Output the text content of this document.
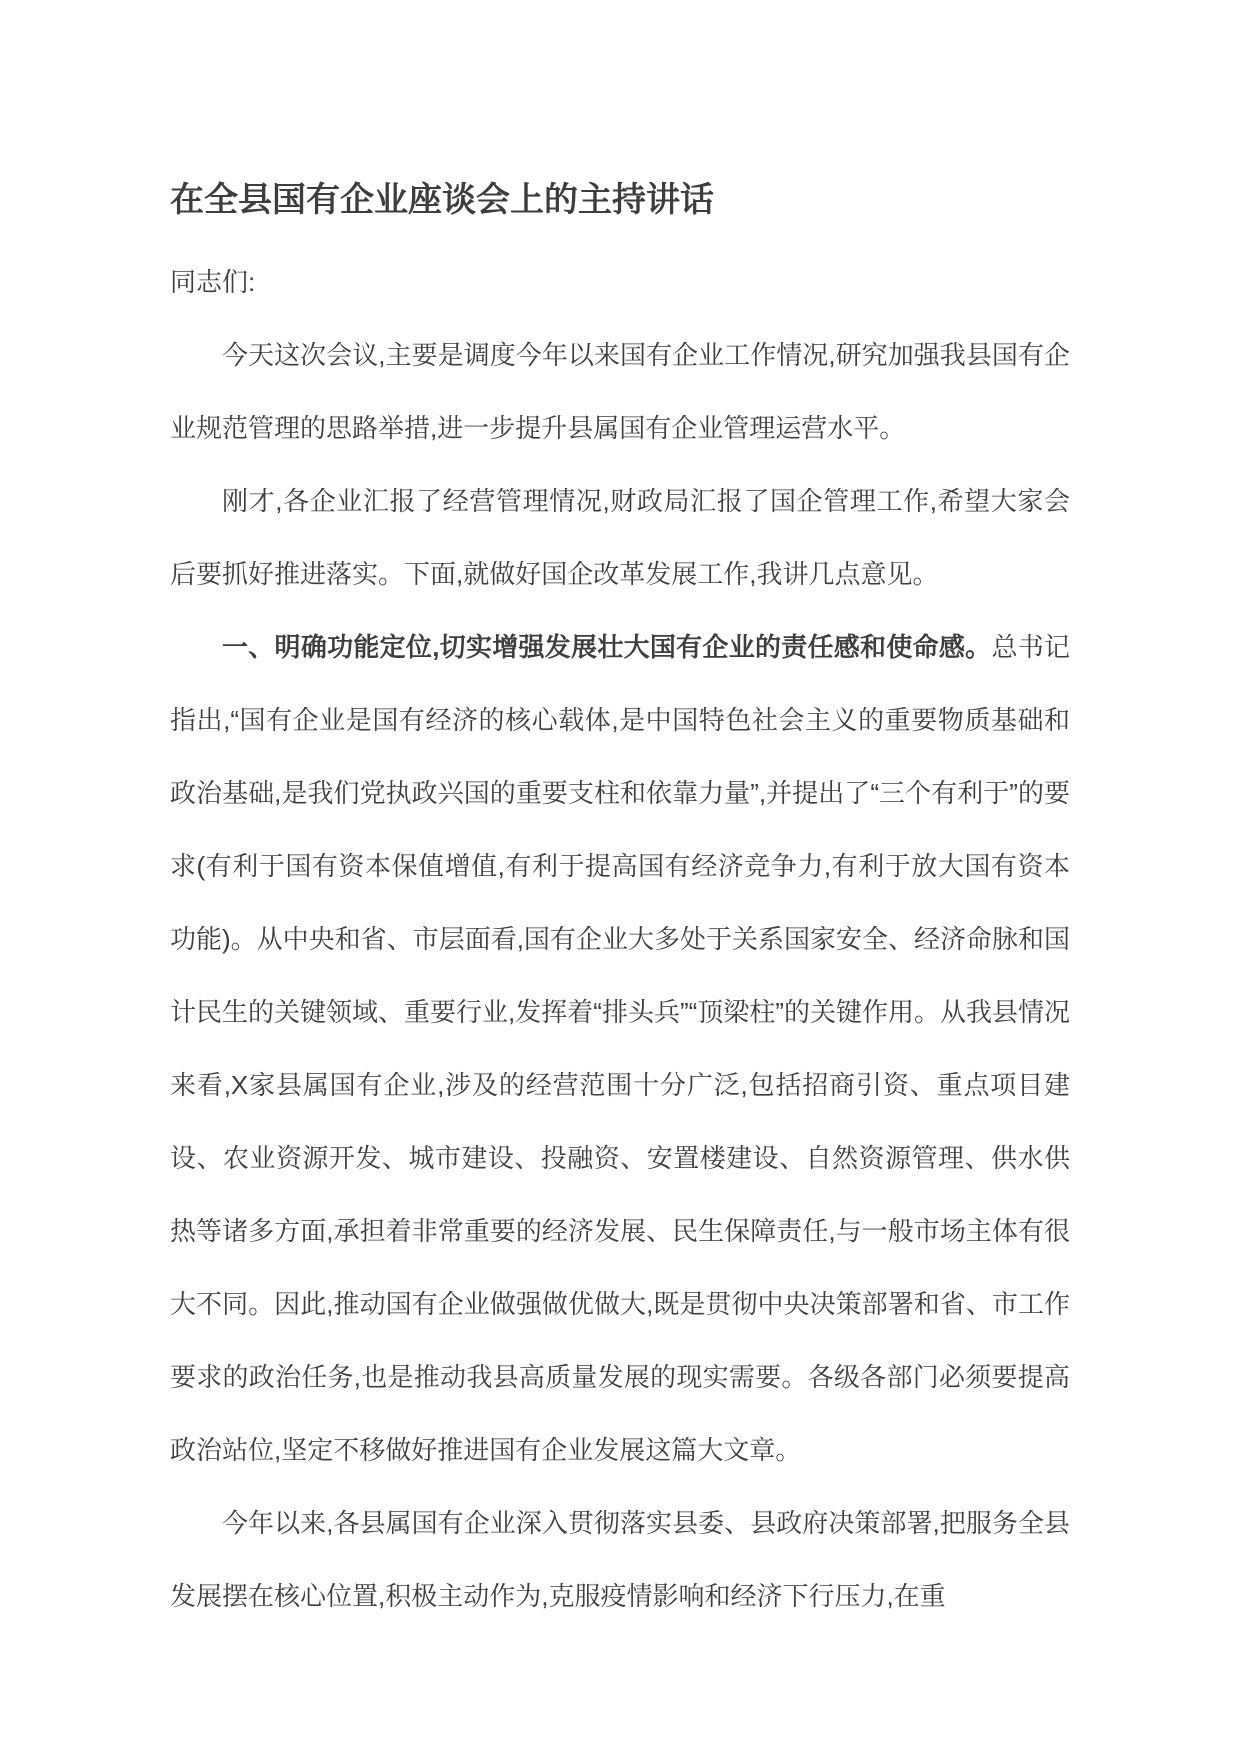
在全县国有企业座谈会上的主持讲话

同志们:

今天这次会议,主要是调度今年以来国有企业工作情况,研究加强我县国有企业规范管理的思路举措,进一步提升县属国有企业管理运营水平。

刚才,各企业汇报了经营管理情况,财政局汇报了国企管理工作,希望大家会后要抓好推进落实。下面,就做好国企改革发展工作,我讲几点意见。

一、明确功能定位,切实增强发展壮大国有企业的责任感和使命感。总书记指出,“国有企业是国有经济的核心载体,是中国特色社会主义的重要物质基础和政治基础,是我们党执政兴国的重要支柱和依靠力量”,并提出了“三个有利于”的要求(有利于国有资本保值增值,有利于提高国有经济竞争力,有利于放大国有资本功能)。从中央和省、市层面看,国有企业大多处于关系国家安全、经济命脉和国计民生的关键领域、重要行业,发挥着“排头兵”“顶梁柱”的关键作用。从我县情况来看,X家县属国有企业,涉及的经营范围十分广泛,包括招商引资、重点项目建设、农业资源开发、城市建设、投融资、安置楼建设、自然资源管理、供水供热等诸多方面,承担着非常重要的经济发展、民生保障责任,与一般市场主体有很大不同。因此,推动国有企业做强做优做大,既是贯彻中央决策部署和省、市工作要求的政治任务,也是推动我县高质量发展的现实需要。各级各部门必须要提高政治站位,坚定不移做好推进国有企业发展这篇大文章。

今年以来,各县属国有企业深入贯彻落实县委、县政府决策部署,把服务全县发展摆在核心位置,积极主动作为,克服疫情影响和经济下行压力,在重
